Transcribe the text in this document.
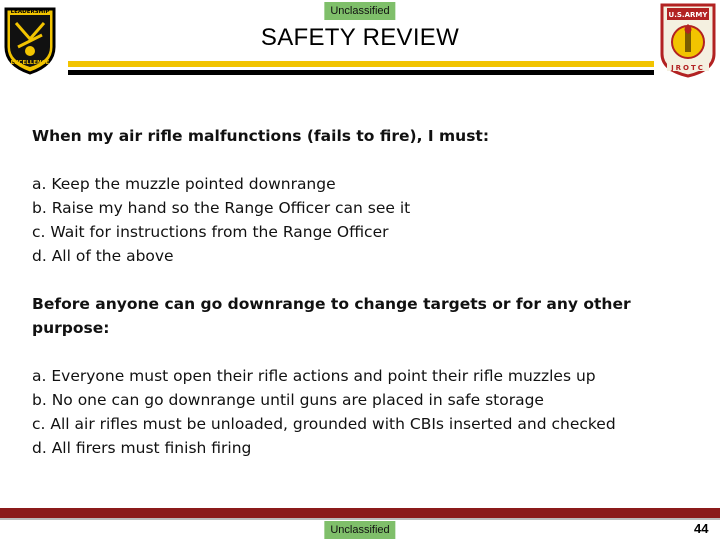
Unclassified
LEADERSHIP
EXCELLENCE
SAFETY REVIEW
U.S.ARMY
JROTC

When my air rifle malfunctions (fails to fire), I must:

a. Keep the muzzle pointed downrange
b. Raise my hand so the Range Officer can see it
c. Wait for instructions from the Range Officer
d. All of the above

Before anyone can go downrange to change targets or for any other purpose:

a. Everyone must open their rifle actions and point their rifle muzzles up
b. No one can go downrange until guns are placed in safe storage
c. All air rifles must be unloaded, grounded with CBIs inserted and checked
d. All firers must finish firing
Unclassified	44
